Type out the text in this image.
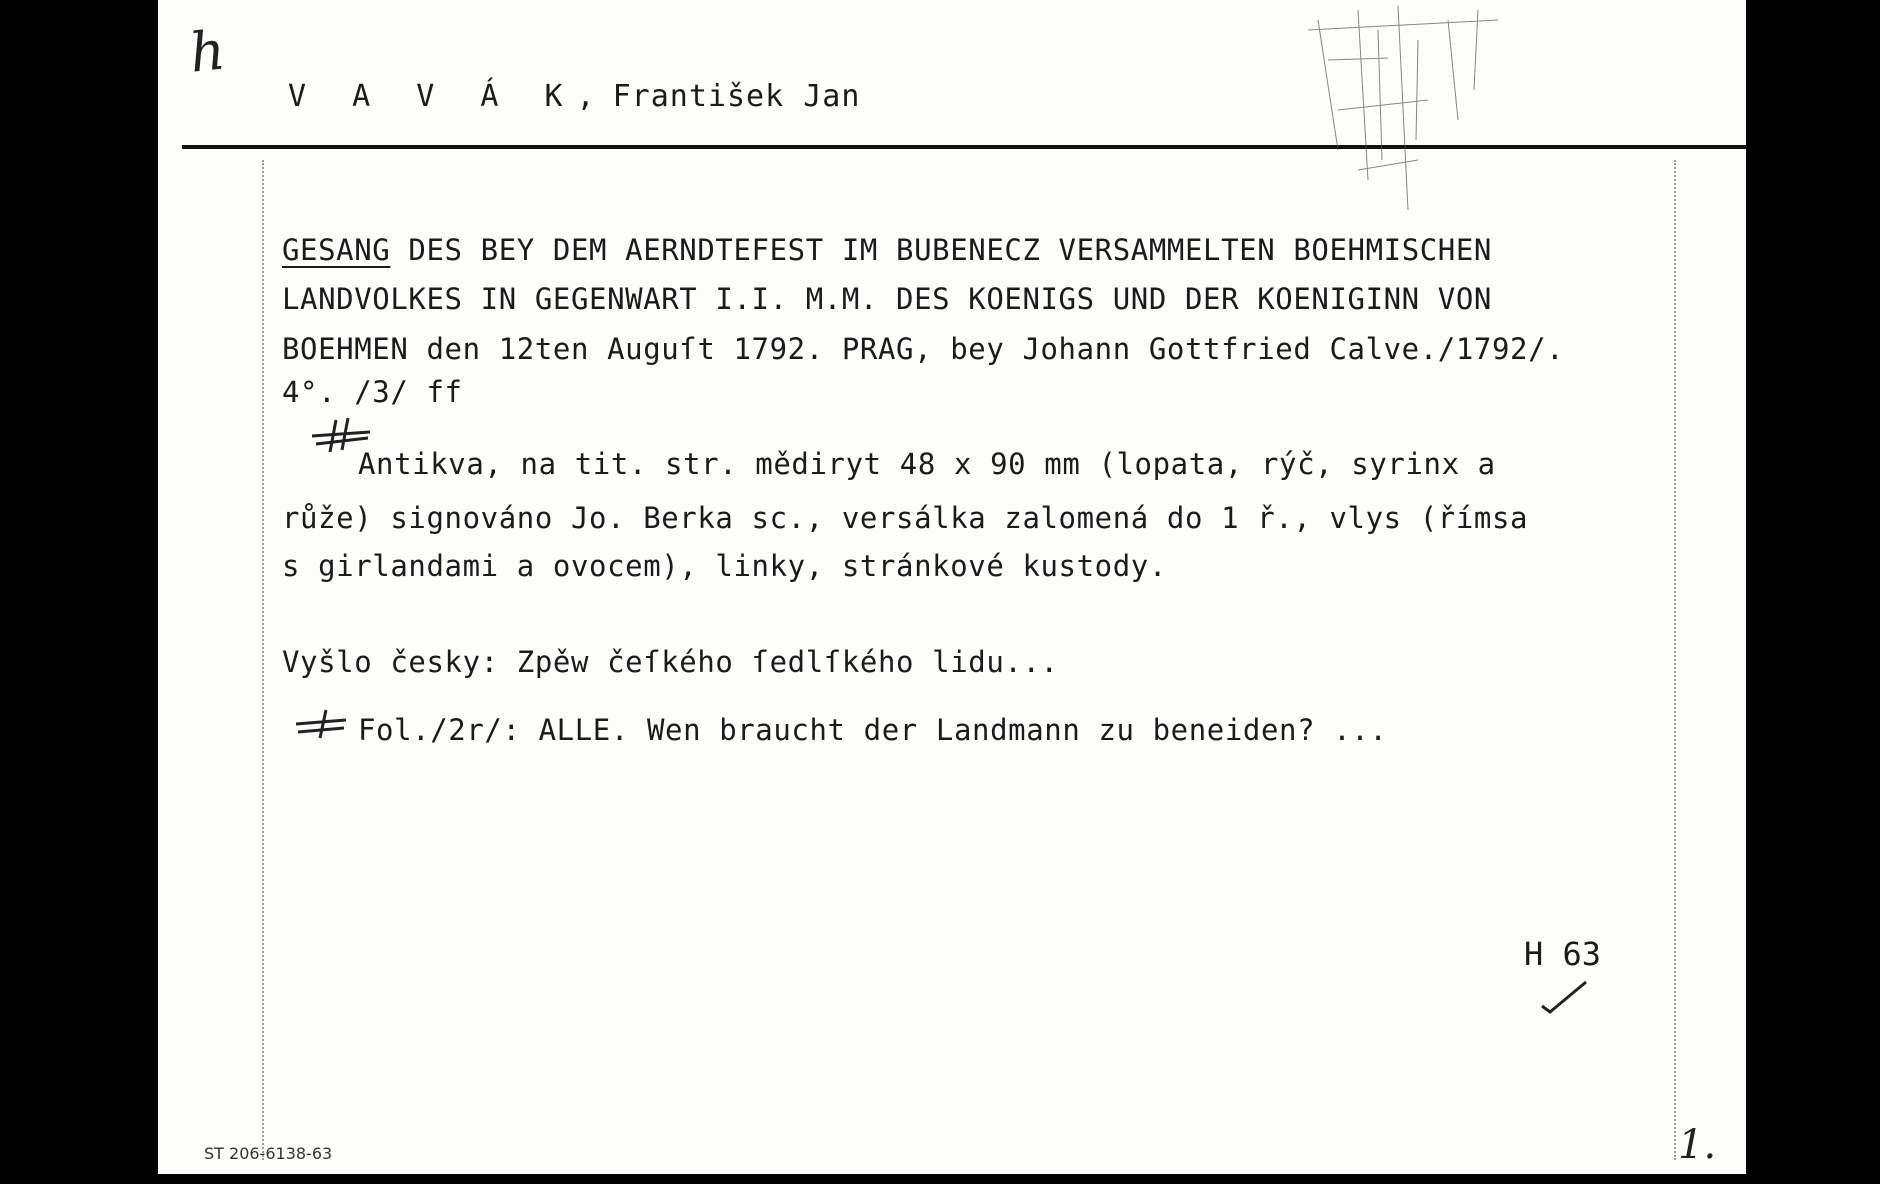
h
V A V Á K, František Jan
GESANG DES BEY DEM AERNDTEFEST IM BUBENECZ VERSAMMELTEN BOEHMISCHEN
LANDVOLKES IN GEGENWART I.I. M.M. DES KOENIGS UND DER KOENIGINN VON
BOEHMEN den 12ten Auguſt 1792. PRAG, bey Johann Gottfried Calve./1792/.
4°. /3/ ff
Antikva, na tit. str. mědiryt 48 x 90 mm (lopata, rýč, syrinx a
růže) signováno Jo. Berka sc., versálka zalomená do 1 ř., vlys (římsa
s girlandami a ovocem), linky, stránkové kustody.
Vyšlo česky: Zpěw čeſkého ſedlſkého lidu...
Fol./2r/: ALLE. Wen braucht der Landmann zu beneiden? ...
H 63
ST 206-6138-63	1.
